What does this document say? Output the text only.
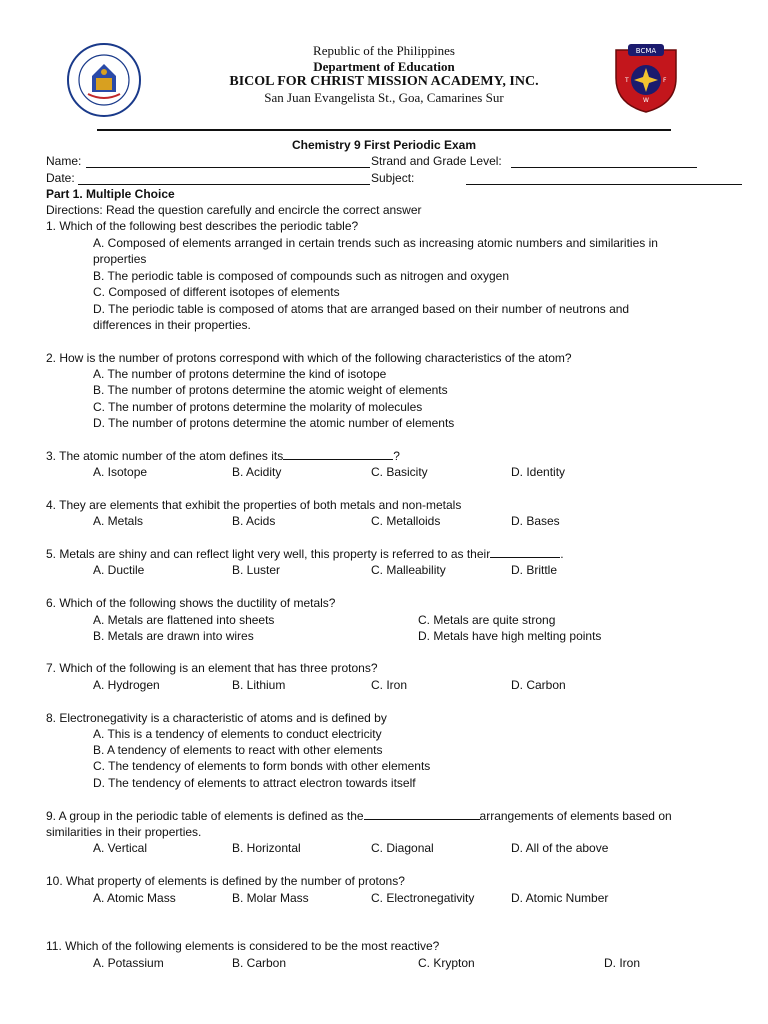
BCMA
T	F
W
Republic of the Philippines
Department of Education
BICOL FOR CHRIST MISSION ACADEMY, INC.
San Juan Evangelista St., Goa, Camarines Sur
Chemistry 9 First Periodic Exam
Name:	Strand and Grade Level:
Date:	Subject:
Part 1. Multiple Choice
Directions: Read the question carefully and encircle the correct answer
1. Which of the following best describes the periodic table?
A. Composed of elements arranged in certain trends such as increasing atomic numbers and similarities in
properties
B. The periodic table is composed of compounds such as nitrogen and oxygen
C. Composed of different isotopes of elements
D. The periodic table is composed of atoms that are arranged based on their number of neutrons and
differences in their properties.
2. How is the number of protons correspond with which of the following characteristics of the atom?
A. The number of protons determine the kind of isotope
B. The number of protons determine the atomic weight of elements
C. The number of protons determine the molarity of molecules
D. The number of protons determine the atomic number of elements
3. The atomic number of the atom defines its	?
A. Isotope	B. Acidity	C. Basicity	D. Identity
4. They are elements that exhibit the properties of both metals and non-metals
A. Metals	B. Acids	C. Metalloids	D. Bases
5. Metals are shiny and can reflect light very well, this property is referred to as their	.
A. Ductile	B. Luster	C. Malleability	D. Brittle
6. Which of the following shows the ductility of metals?
A. Metals are flattened into sheets	C. Metals are quite strong
B. Metals are drawn into wires	D. Metals have high melting points
7. Which of the following is an element that has three protons?
A. Hydrogen	B. Lithium	C. Iron	D. Carbon
8. Electronegativity is a characteristic of atoms and is defined by
A. This is a tendency of elements to conduct electricity
B. A tendency of elements to react with other elements
C. The tendency of elements to form bonds with other elements
D. The tendency of elements to attract electron towards itself
9. A group in the periodic table of elements is defined as the	arrangements of elements based on
similarities in their properties.
A. Vertical	B. Horizontal	C. Diagonal	D. All of the above
10. What property of elements is defined by the number of protons?
A. Atomic Mass	B. Molar Mass	C. Electronegativity	D. Atomic Number
11. Which of the following elements is considered to be the most reactive?
A. Potassium	B. Carbon	C. Krypton	D. Iron
